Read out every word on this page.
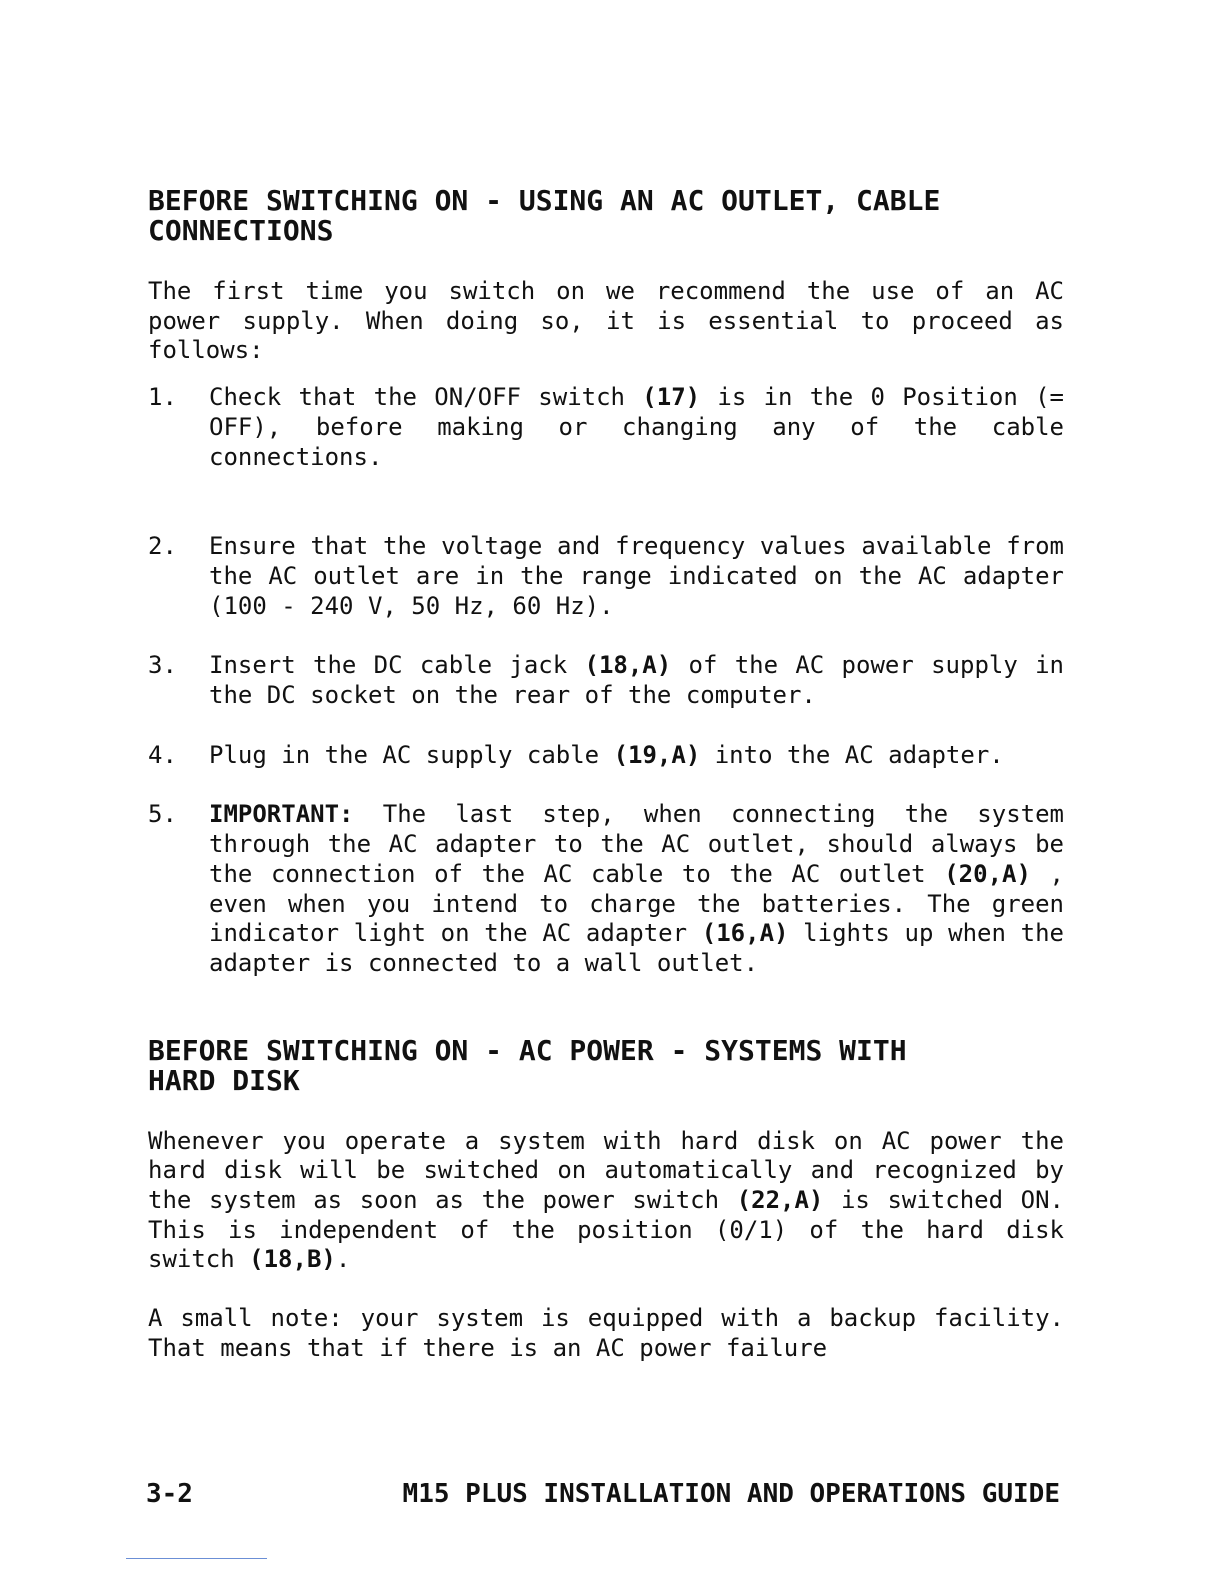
BEFORE SWITCHING ON - USING AN AC OUTLET, CABLE CONNECTIONS

The first time you switch on we recommend the use of an AC power supply. When doing so, it is essential to proceed as follows:

1.	Check that the ON/OFF switch (17) is in the 0 Position (= OFF), before making or changing any of the cable connections.
2.	Ensure that the voltage and frequency values available from the AC outlet are in the range indicated on the AC adapter (100 - 240 V, 50 Hz, 60 Hz).
3.	Insert the DC cable jack (18,A) of the AC power supply in the DC socket on the rear of the computer.
4.	Plug in the AC supply cable (19,A) into the AC adapter.
5.	IMPORTANT: The last step, when connecting the system through the AC adapter to the AC outlet, should always be the connection of the AC cable to the AC outlet (20,A) , even when you intend to charge the batteries. The green indicator light on the AC adapter (16,A) lights up when the adapter is connected to a wall outlet.
BEFORE SWITCHING ON - AC POWER - SYSTEMS WITH HARD DISK

Whenever you operate a system with hard disk on AC power the hard disk will be switched on automatically and recognized by the system as soon as the power switch (22,A) is switched ON. This is independent of the position (0/1) of the hard disk switch (18,B).

A small note: your system is equipped with a backup facility. That means that if there is an AC power failure

3-2	M15 PLUS INSTALLATION AND OPERATIONS GUIDE
